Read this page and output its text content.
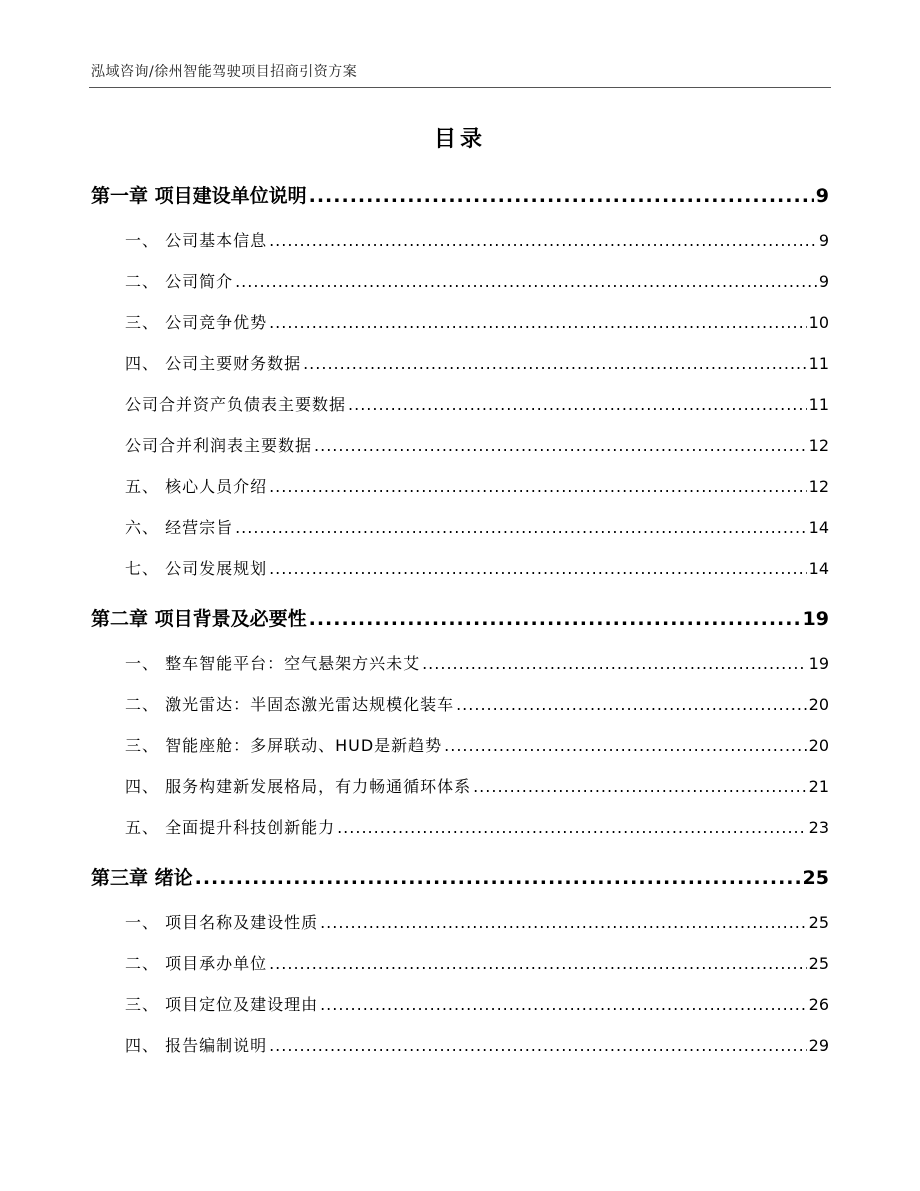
泓域咨询/徐州智能驾驶项目招商引资方案
目录
第一章 项目建设单位说明 .....	9
一、 公司基本信息 .....	9
二、 公司简介 .....	9
三、 公司竞争优势 .....	10
四、 公司主要财务数据 .....	11
公司合并资产负债表主要数据 .....	11
公司合并利润表主要数据 .....	12
五、 核心人员介绍 .....	12
六、 经营宗旨 .....	14
七、 公司发展规划 .....	14
第二章 项目背景及必要性 .....	19
一、 整车智能平台：空气悬架方兴未艾 .....	19
二、 激光雷达：半固态激光雷达规模化装车 .....	20
三、 智能座舱：多屏联动、HUD是新趋势 .....	20
四、 服务构建新发展格局，有力畅通循环体系 .....	21
五、 全面提升科技创新能力 .....	23
第三章 绪论 .....	25
一、 项目名称及建设性质 .....	25
二、 项目承办单位 .....	25
三、 项目定位及建设理由 .....	26
四、 报告编制说明 .....	29
